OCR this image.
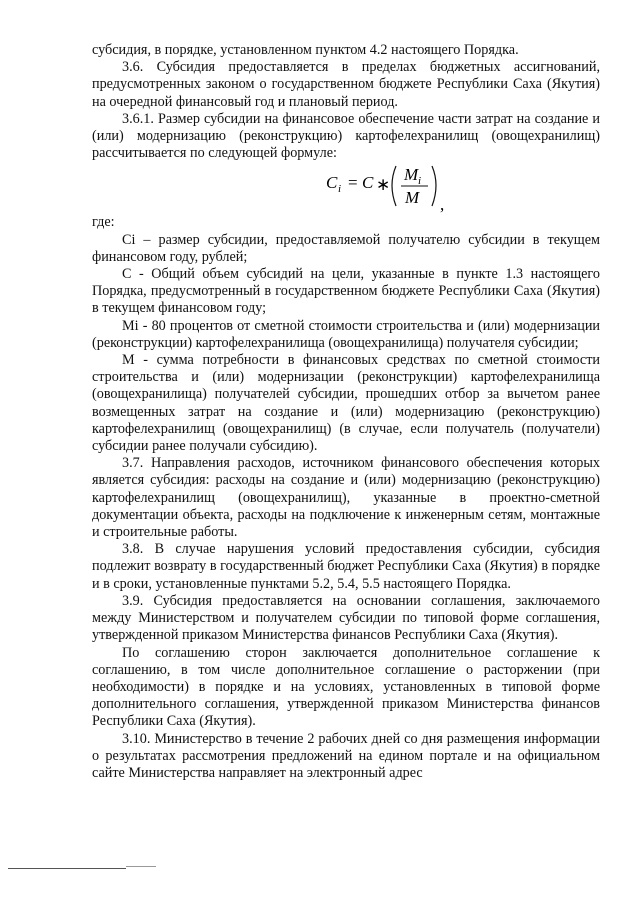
субсидия, в порядке, установленном пунктом 4.2 настоящего Порядка.

3.6. Субсидия предоставляется в пределах бюджетных ассигнований, предусмотренных законом о государственном бюджете Республики Саха (Якутия) на очередной финансовый год и плановый период.

3.6.1. Размер субсидии на финансовое обеспечение части затрат на создание и (или) модернизацию (реконструкцию) картофелехранилищ (овощехранилищ) рассчитывается по следующей формуле:

C i = C ∗
M i
M ,

где:

Сi – размер субсидии, предоставляемой получателю субсидии в текущем финансовом году, рублей;

С - Общий объем субсидий на цели, указанные в пункте 1.3 настоящего Порядка, предусмотренный в государственном бюджете Республики Саха (Якутия) в текущем финансовом году;

Mi - 80 процентов от сметной стоимости строительства и (или) модернизации (реконструкции) картофелехранилища (овощехранилища) получателя субсидии;

М - сумма потребности в финансовых средствах по сметной стоимости строительства и (или) модернизации (реконструкции) картофелехранилища (овощехранилища) получателей субсидии, прошедших отбор за вычетом ранее возмещенных затрат на создание и (или) модернизацию (реконструкцию) картофелехранилищ (овощехранилищ) (в случае, если получатель (получатели) субсидии ранее получали субсидию).

3.7. Направления расходов, источником финансового обеспечения которых является субсидия: расходы на создание и (или) модернизацию (реконструкцию) картофелехранилищ (овощехранилищ), указанные в проектно-сметной документации объекта, расходы на подключение к инженерным сетям, монтажные и строительные работы.

3.8. В случае нарушения условий предоставления субсидии, субсидия подлежит возврату в государственный бюджет Республики Саха (Якутия) в порядке и в сроки, установленные пунктами 5.2, 5.4, 5.5 настоящего Порядка.

3.9. Субсидия предоставляется на основании соглашения, заключаемого между Министерством и получателем субсидии по типовой форме соглашения, утвержденной приказом Министерства финансов Республики Саха (Якутия).

По соглашению сторон заключается дополнительное соглашение к соглашению, в том числе дополнительное соглашение о расторжении (при необходимости) в порядке и на условиях, установленных в типовой форме дополнительного соглашения, утвержденной приказом Министерства финансов Республики Саха (Якутия).

3.10. Министерство в течение 2 рабочих дней со дня размещения информации о результатах рассмотрения предложений на едином портале и на официальном сайте Министерства направляет на электронный адрес
